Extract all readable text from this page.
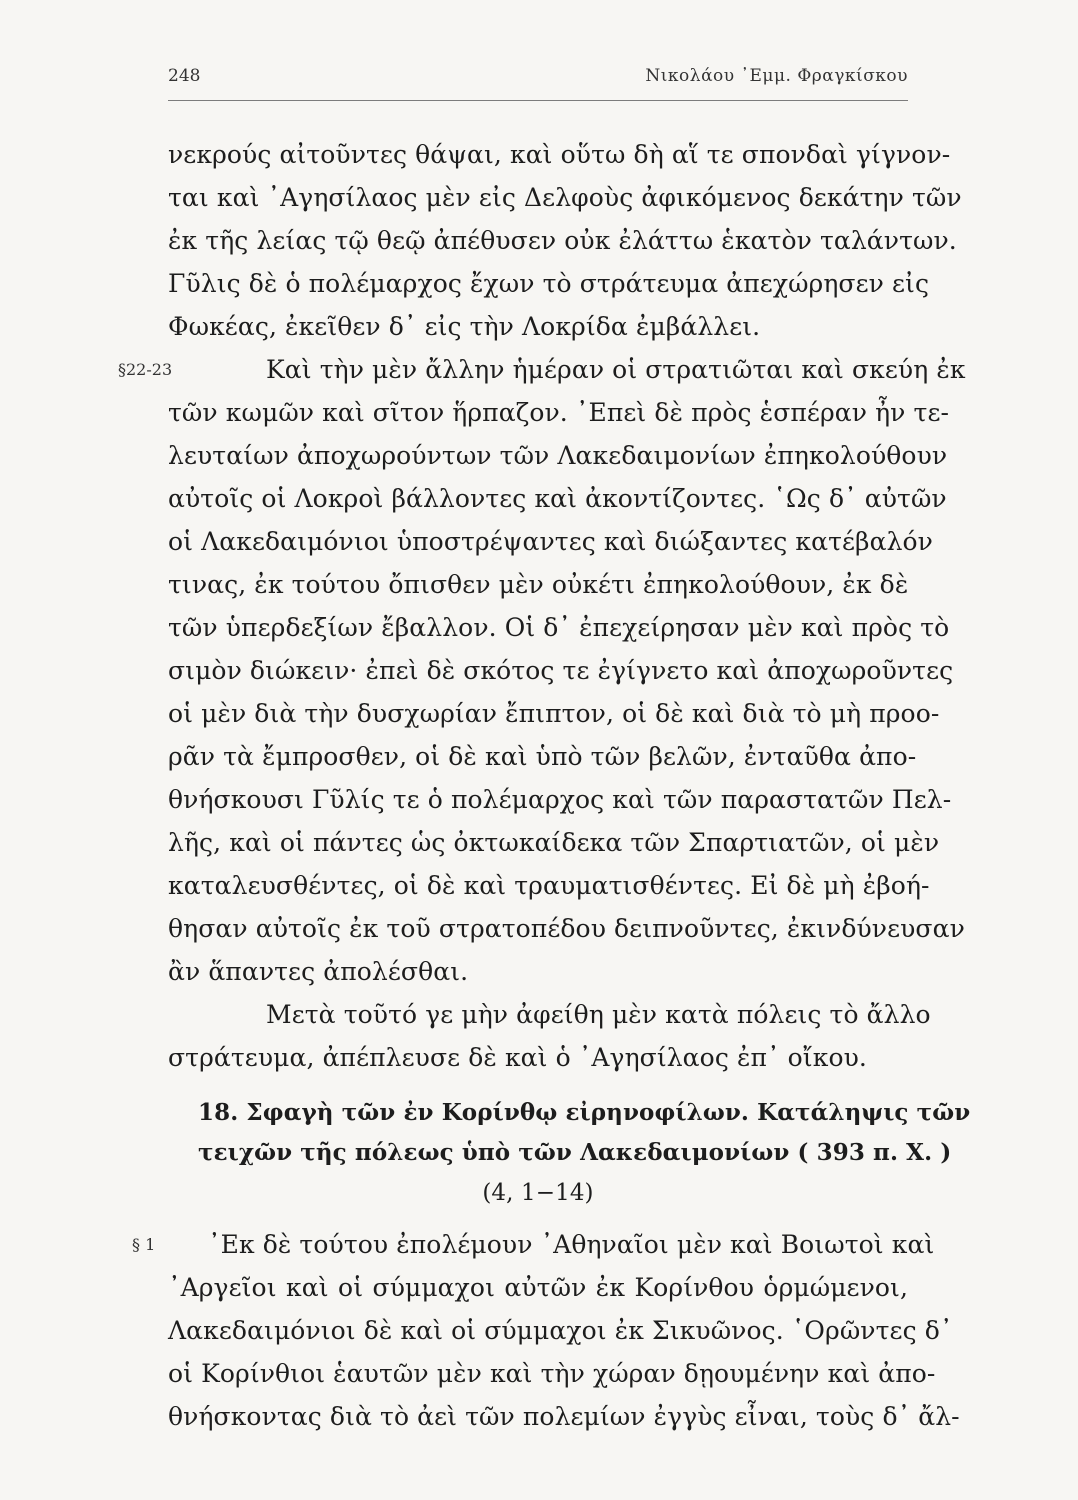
248	Νικολάου ᾿Εμμ. Φραγκίσκου
νεκρούς αἰτοῦντες θάψαι, καὶ οὕτω δὴ αἵ τε σπονδαὶ γίγνον-
ται καὶ ᾿Αγησίλαος μὲν εἰς Δελφοὺς ἀφικόμενος δεκάτην τῶν
ἐκ τῆς λείας τῷ θεῷ ἀπέθυσεν οὐκ ἐλάττω ἑκατὸν ταλάντων.
Γῦλις δὲ ὁ πολέμαρχος ἔχων τὸ στράτευμα ἀπεχώρησεν εἰς
Φωκέας, ἐκεῖθεν δ᾿ εἰς τὴν Λοκρίδα ἐμβάλλει.
§22-23	Καὶ τὴν μὲν ἄλλην ἡμέραν οἱ στρατιῶται καὶ σκεύη ἐκ
τῶν κωμῶν καὶ σῖτον ἥρπαζον. ᾿Επεὶ δὲ πρὸς ἑσπέραν ἦν τε-
λευταίων ἀποχωρούντων τῶν Λακεδαιμονίων ἐπηκολούθουν
αὐτοῖς οἱ Λοκροὶ βάλλοντες καὶ ἀκοντίζοντες. ῾Ως δ᾿ αὐτῶν
οἱ Λακεδαιμόνιοι ὑποστρέψαντες καὶ διώξαντες κατέβαλόν
τινας, ἐκ τούτου ὄπισθεν μὲν οὐκέτι ἐπηκολούθουν, ἐκ δὲ
τῶν ὑπερδεξίων ἔβαλλον. Οἱ δ᾿ ἐπεχείρησαν μὲν καὶ πρὸς τὸ
σιμὸν διώκειν· ἐπεὶ δὲ σκότος τε ἐγίγνετο καὶ ἀποχωροῦντες
οἱ μὲν διὰ τὴν δυσχωρίαν ἔπιπτον, οἱ δὲ καὶ διὰ τὸ μὴ προο-
ρᾶν τὰ ἔμπροσθεν, οἱ δὲ καὶ ὑπὸ τῶν βελῶν, ἐνταῦθα ἀπο-
θνήσκουσι Γῦλίς τε ὁ πολέμαρχος καὶ τῶν παραστατῶν Πελ-
λῆς, καὶ οἱ πάντες ὡς ὀκτωκαίδεκα τῶν Σπαρτιατῶν, οἱ μὲν
καταλευσθέντες, οἱ δὲ καὶ τραυματισθέντες. Εἰ δὲ μὴ ἐβοή-
θησαν αὐτοῖς ἐκ τοῦ στρατοπέδου δειπνοῦντες, ἐκινδύνευσαν
ἂν ἅπαντες ἀπολέσθαι.
Μετὰ τοῦτό γε μὴν ἀφείθη μὲν κατὰ πόλεις τὸ ἄλλο
στράτευμα, ἀπέπλευσε δὲ καὶ ὁ ᾿Αγησίλαος ἐπ᾿ οἴκου.
18. Σφαγὴ τῶν ἐν Κορίνθῳ εἰρηνοφίλων. Κατάληψις τῶν
τειχῶν τῆς πόλεως ὑπὸ τῶν Λακεδαιμονίων ( 393 π. Χ. )
(4, 1−14)
§ 1 ᾿Εκ δὲ τούτου ἐπολέμουν ᾿Αθηναῖοι μὲν καὶ Βοιωτοὶ καὶ
᾿Αργεῖοι καὶ οἱ σύμμαχοι αὐτῶν ἐκ Κορίνθου ὁρμώμενοι,
Λακεδαιμόνιοι δὲ καὶ οἱ σύμμαχοι ἐκ Σικυῶνος. ῾Ορῶντες δ᾿
οἱ Κορίνθιοι ἑαυτῶν μὲν καὶ τὴν χώραν δῃουμένην καὶ ἀπο-
θνήσκοντας διὰ τὸ ἀεὶ τῶν πολεμίων ἐγγὺς εἶναι, τοὺς δ᾿ ἄλ-
